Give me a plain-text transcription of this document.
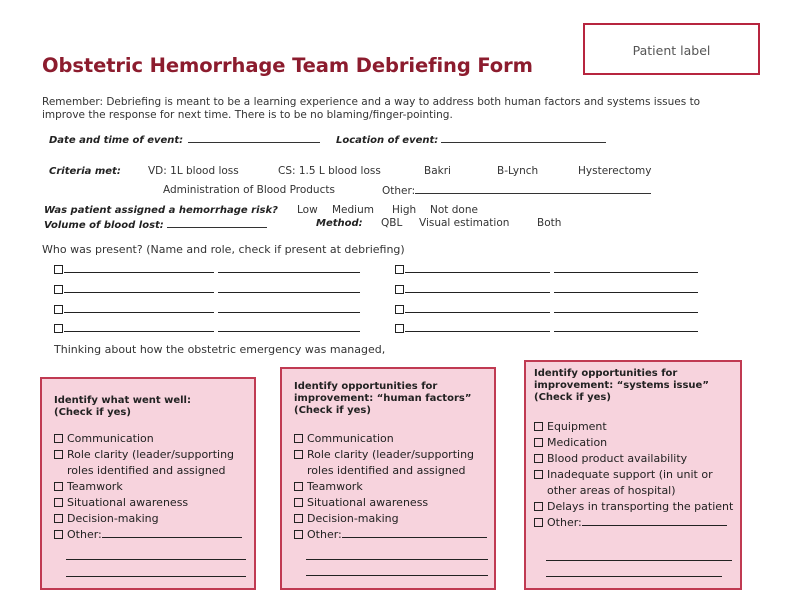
Obstetric Hemorrhage Team Debriefing Form
Patient label
Remember: Debriefing is meant to be a learning experience and a way to address both human factors and systems issues to improve the response for next time. There is to be no blaming/finger-pointing.
Date and time of event:	Location of event:
Criteria met:	VD: 1L blood loss	CS: 1.5 L blood loss	Bakri	B-Lynch	Hysterectomy
Administration of Blood Products	Other:
Was patient assigned a hemorrhage risk? Low Medium High Not done
Volume of blood lost:	Method: QBL Visual estimation	Both
Who was present? (Name and role, check if present at debriefing)
Thinking about how the obstetric emergency was managed,
Identify what went well:
(Check if yes)
Communication
Role clarity (leader/supporting roles identified and assigned
Teamwork
Situational awareness
Decision-making
Other:
Identify opportunities for improvement: “human factors” (Check if yes)
Communication
Role clarity (leader/supporting roles identified and assigned
Teamwork
Situational awareness
Decision-making
Other:
Identify opportunities for improvement: “systems issue” (Check if yes)
Equipment
Medication
Blood product availability
Inadequate support (in unit or other areas of hospital)
Delays in transporting the patient
Other:
